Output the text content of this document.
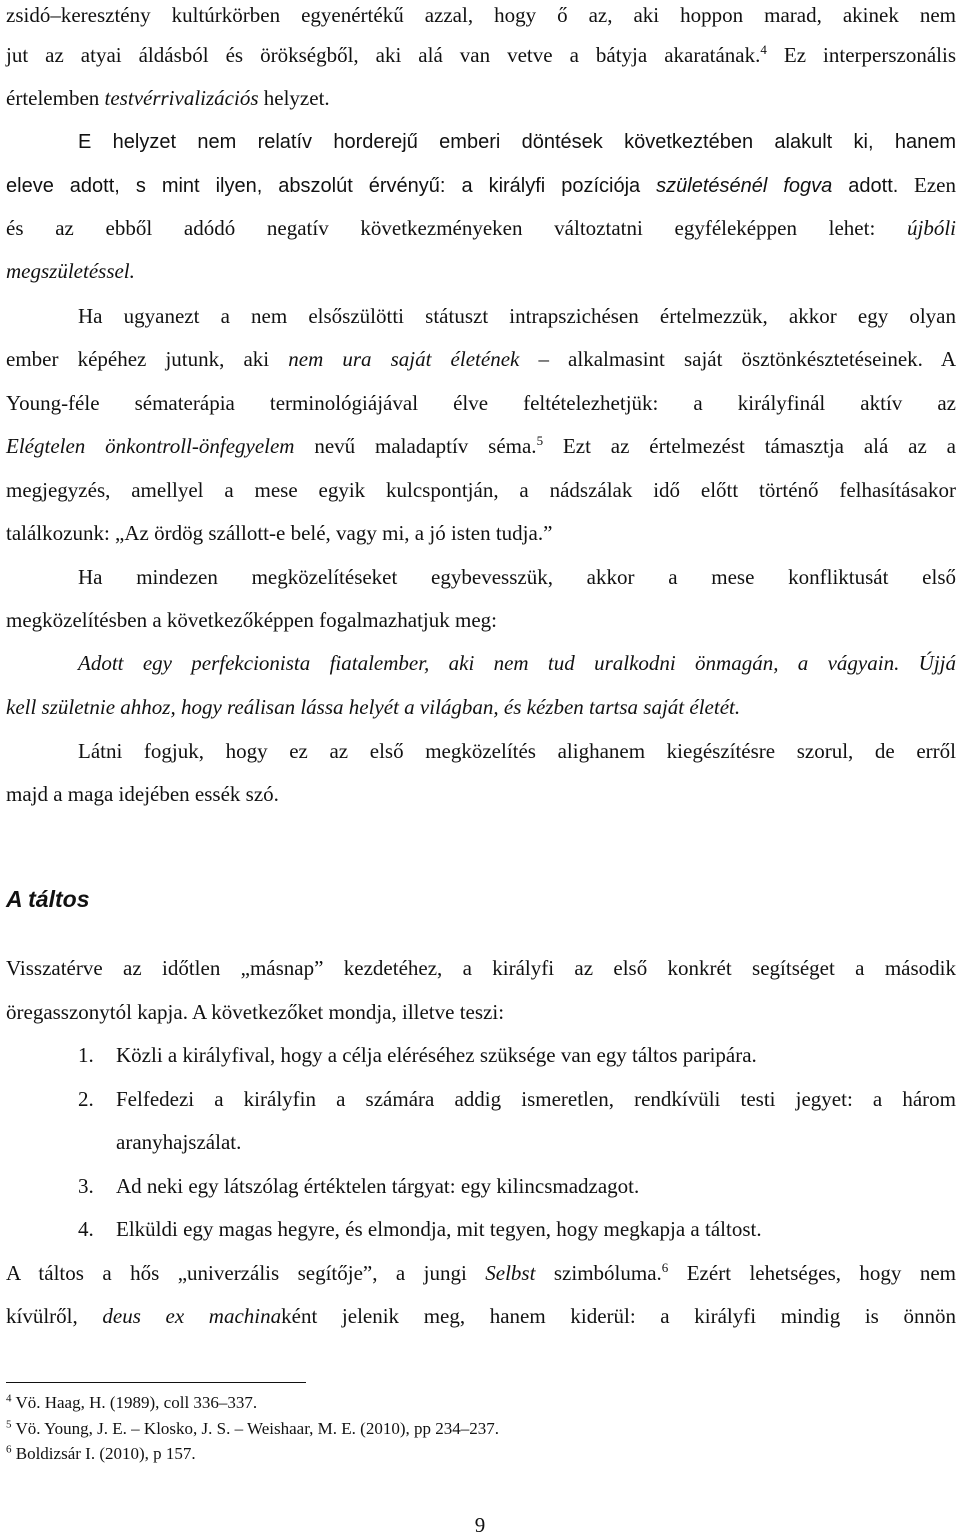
zsidó–keresztény kultúrkörben egyenértékű azzal, hogy ő az, aki hoppon marad, akinek nem
jut az atyai áldásból és örökségből, aki alá van vetve a bátyja akaratának.$^4$ Ez interperszonális
értelemben testvérrivalizációs helyzet.
E helyzet nem relatív horderejű emberi döntések következtében alakult ki, hanem
eleve adott, s mint ilyen, abszolút érvényű: a királyfi pozíciója születésénél fogva adott. Ezen
és az ebből adódó negatív következményeken változtatni egyféleképpen lehet: újbóli
megszületéssel.
Ha ugyanezt a nem elsőszülötti státuszt intrapszichésen értelmezzük, akkor egy olyan
ember képéhez jutunk, aki nem ura saját életének – alkalmasint saját ösztönkésztetéseinek. A
Young-féle sématerápia terminológiájával élve feltételezhetjük: a királyfinál aktív az
Elégtelen önkontroll-önfegyelem nevű maladaptív séma.$^5$ Ezt az értelmezést támasztja alá az a
megjegyzés, amellyel a mese egyik kulcspontján, a nádszálak idő előtt történő felhasításakor
találkozunk: „Az ördög szállott-e belé, vagy mi, a jó isten tudja.”
Ha mindezen megközelítéseket egybevesszük, akkor a mese konfliktusát első
megközelítésben a következőképpen fogalmazhatjuk meg:
Adott egy perfekcionista fiatalember, aki nem tud uralkodni önmagán, a vágyain. Újjá
kell születnie ahhoz, hogy reálisan lássa helyét a világban, és kézben tartsa saját életét.
Látni fogjuk, hogy ez az első megközelítés alighanem kiegészítésre szorul, de erről
majd a maga idejében essék szó.
A táltos
Visszatérve az időtlen „másnap” kezdetéhez, a királyfi az első konkrét segítséget a második
öregasszonytól kapja. A következőket mondja, illetve teszi:
1. Közli a királyfival, hogy a célja eléréséhez szüksége van egy táltos paripára.
2. Felfedezi a királyfin a számára addig ismeretlen, rendkívüli testi jegyet: a három
aranyhajszálat.
3. Ad neki egy látszólag értéktelen tárgyat: egy kilincsmadzagot.
4. Elküldi egy magas hegyre, és elmondja, mit tegyen, hogy megkapja a táltost.
A táltos a hős „univerzális segítője”, a jungi Selbst szimbóluma.$^6$ Ezért lehetséges, hogy nem
kívülről, deus ex machinaként jelenik meg, hanem kiderül: a királyfi mindig is önnön
$^4$ Vö. Haag, H. (1989), coll 336–337.
$^5$ Vö. Young, J. E. – Klosko, J. S. – Weishaar, M. E. (2010), pp 234–237.
$^6$ Boldizsár I. (2010), p 157.
9
